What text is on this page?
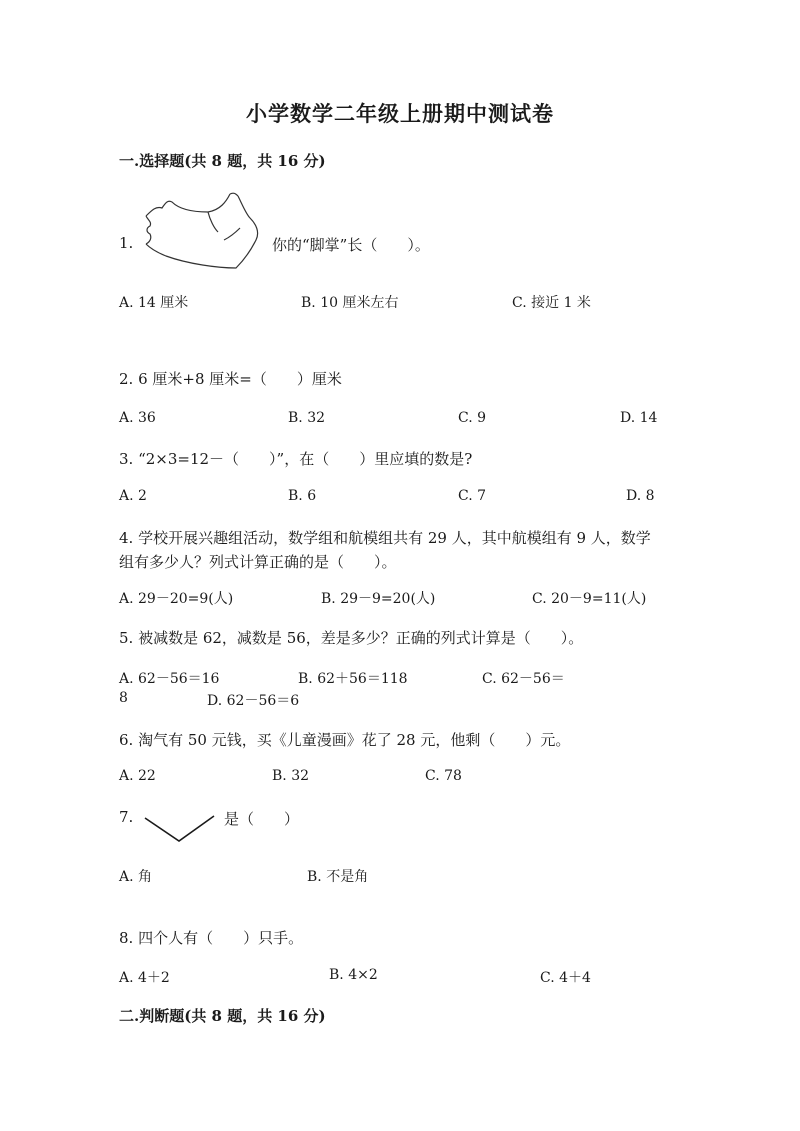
小学数学二年级上册期中测试卷
一.选择题(共 8 题，共 16 分)
1.	你的“脚掌”长（　　）。
A. 14 厘米	B. 10 厘米左右	C. 接近 1 米
2. 6 厘米+8 厘米=（　　）厘米
A. 36	B. 32	C. 9	D. 14
3. “2×3=12－（　　）”，在（　　）里应填的数是?
A. 2	B. 6	C. 7	D. 8
4. 学校开展兴趣组活动，数学组和航模组共有 29 人，其中航模组有 9 人，数学
组有多少人？列式计算正确的是（　　）。
A. 29－20=9(人)	B. 29－9=20(人)	C. 20－9=11(人)
5. 被减数是 62，减数是 56，差是多少？正确的列式计算是（　　）。
A. 62－56＝16	B. 62＋56＝118	C. 62－56＝
8	D. 62－56＝6
6. 淘气有 50 元钱，买《儿童漫画》花了 28 元，他剩（　　）元。
A. 22	B. 32	C. 78
7.	是（　　）
A. 角	B. 不是角
8. 四个人有（　　）只手。
A. 4＋2	B. 4×2	C. 4＋4
二.判断题(共 8 题，共 16 分)
